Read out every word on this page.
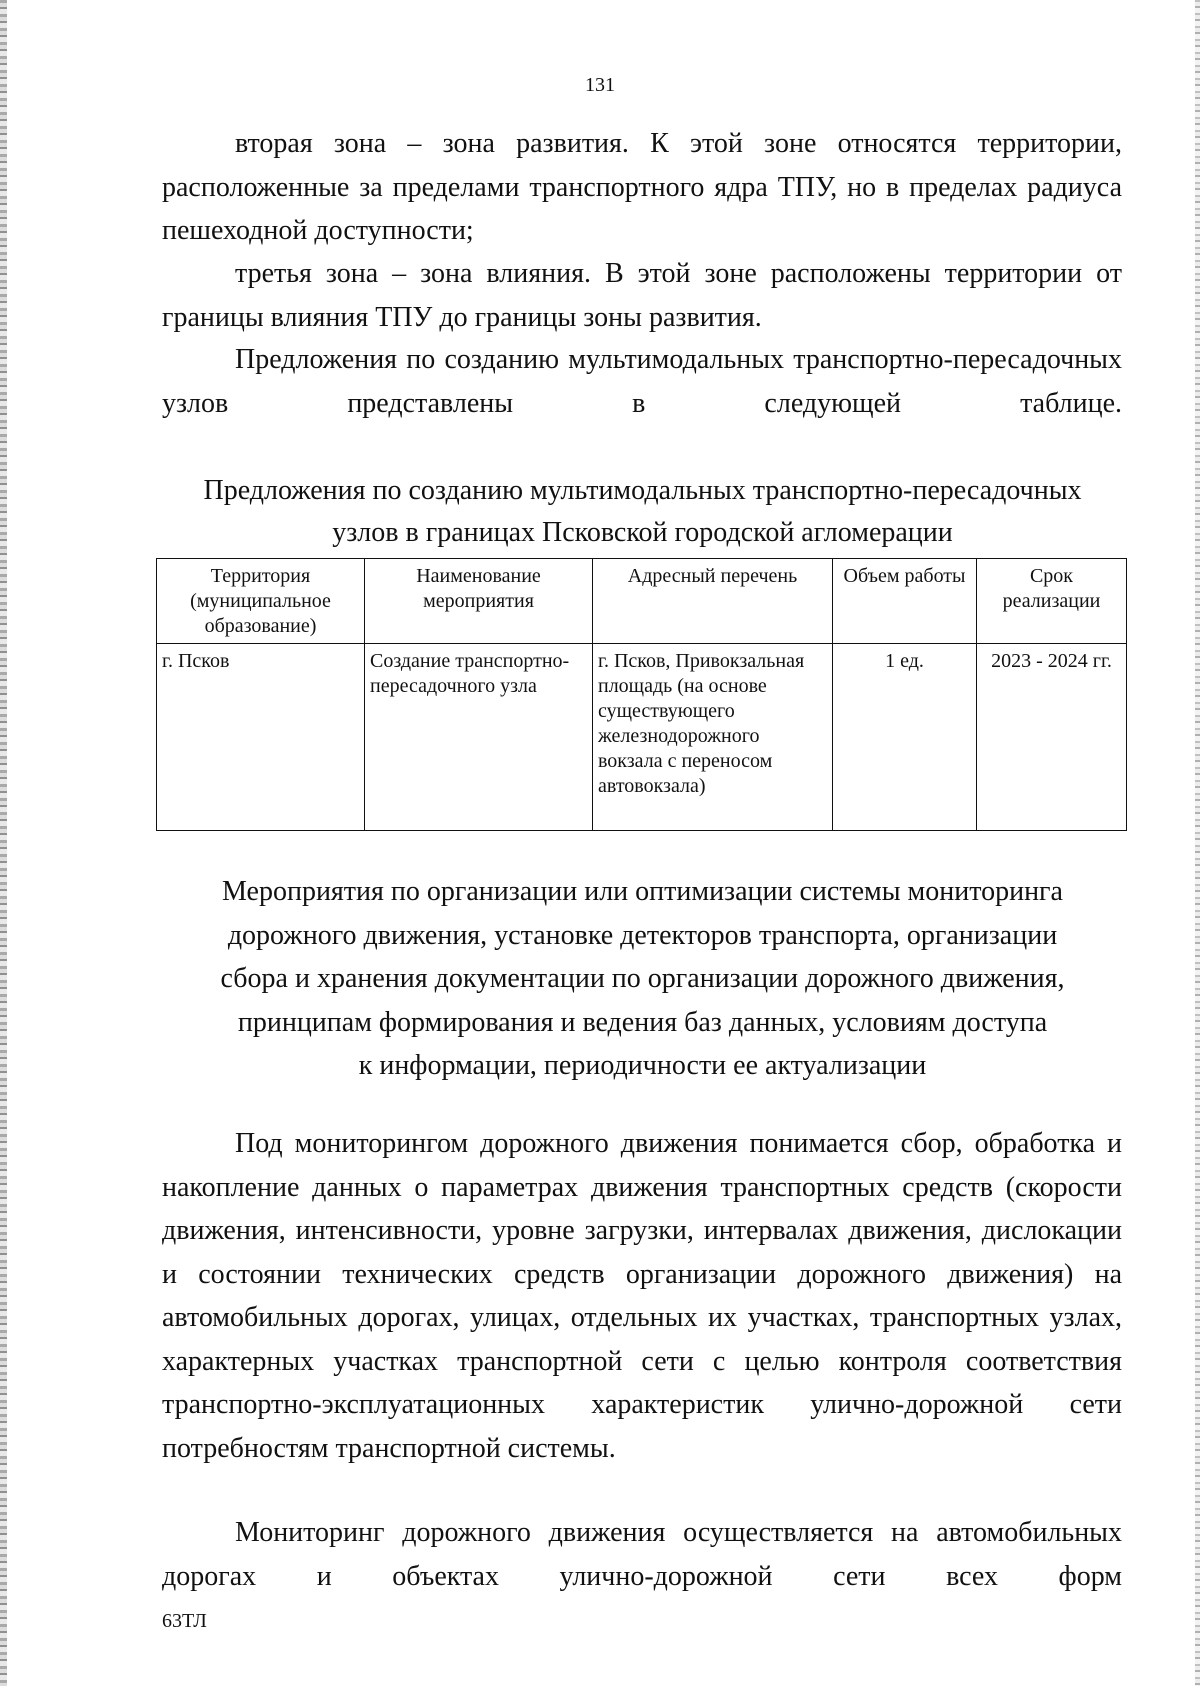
131

вторая зона – зона развития. К этой зоне относятся территории, расположенные за пределами транспортного ядра ТПУ, но в пределах радиуса пешеходной доступности;

третья зона – зона влияния. В этой зоне расположены территории от границы влияния ТПУ до границы зоны развития.

Предложения по созданию мультимодальных транспортно-пересадочных узлов представлены в следующей таблице.

Предложения по созданию мультимодальных транспортно-пересадочных
узлов в границах Псковской городской агломерации
Территория (муниципальное образование)	Наименование мероприятия	Адресный перечень	Объем работы	Срок реализации
г. Псков	Создание транспортно-пересадочного узла	г. Псков, Привокзальная площадь (на основе существующего железнодорожного вокзала с переносом автовокзала)	1 ед.	2023 - 2024 гг.
Мероприятия по организации или оптимизации системы мониторинга
дорожного движения, установке детекторов транспорта, организации
сбора и хранения документации по организации дорожного движения,
принципам формирования и ведения баз данных, условиям доступа
к информации, периодичности ее актуализации

Под мониторингом дорожного движения понимается сбор, обработка и накопление данных о параметрах движения транспортных средств (скорости движения, интенсивности, уровне загрузки, интервалах движения, дислокации и состоянии технических средств организации дорожного движения) на автомобильных дорогах, улицах, отдельных их участках, транспортных узлах, характерных участках транспортной сети с целью контроля соответствия транспортно-эксплуатационных характеристик улично-дорожной сети потребностям транспортной системы.

Мониторинг дорожного движения осуществляется на автомобильных дорогах и объектах улично-дорожной сети всех форм

63ТЛ
